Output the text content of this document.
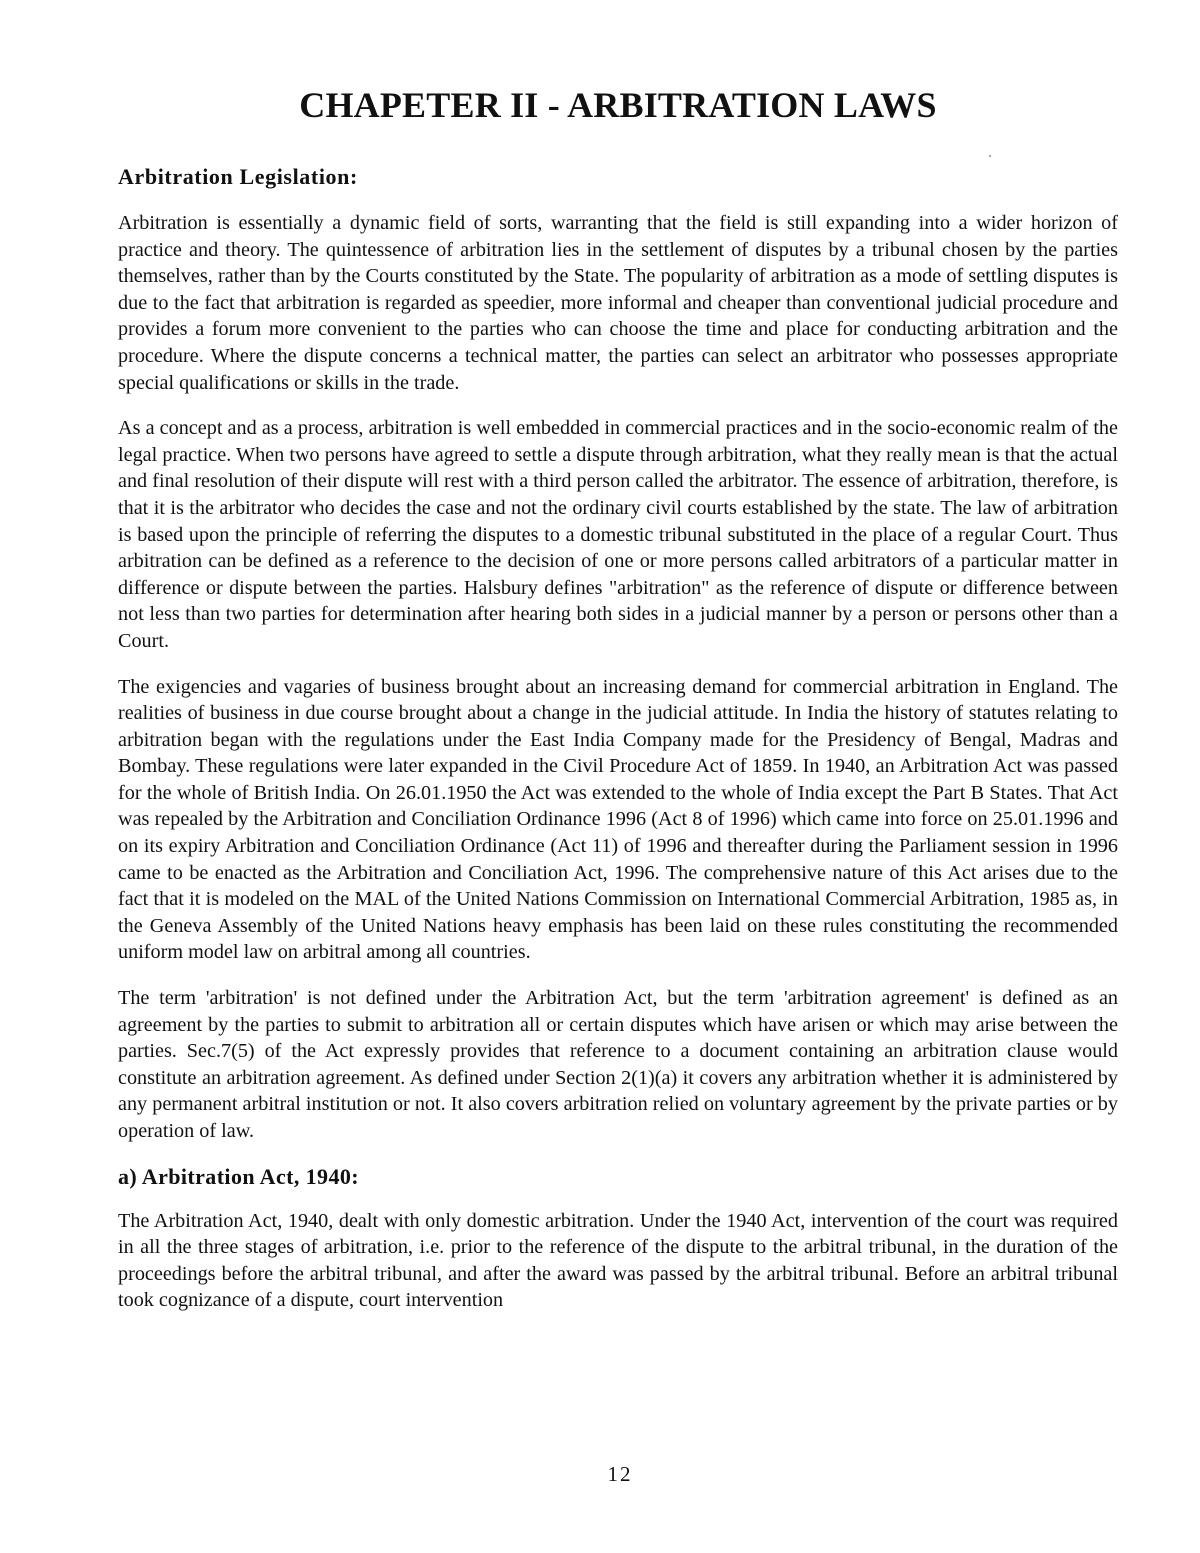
CHAPETER II - ARBITRATION LAWS
Arbitration Legislation:

Arbitration is essentially a dynamic field of sorts, warranting that the field is still expanding into a wider horizon of practice and theory. The quintessence of arbitration lies in the settlement of disputes by a tribunal chosen by the parties themselves, rather than by the Courts constituted by the State. The popularity of arbitration as a mode of settling disputes is due to the fact that arbitration is regarded as speedier, more informal and cheaper than conventional judicial procedure and provides a forum more convenient to the parties who can choose the time and place for conducting arbitration and the procedure. Where the dispute concerns a technical matter, the parties can select an arbitrator who possesses appropriate special qualifications or skills in the trade.

As a concept and as a process, arbitration is well embedded in commercial practices and in the socio-economic realm of the legal practice. When two persons have agreed to settle a dispute through arbitration, what they really mean is that the actual and final resolution of their dispute will rest with a third person called the arbitrator. The essence of arbitration, therefore, is that it is the arbitrator who decides the case and not the ordinary civil courts established by the state. The law of arbitration is based upon the principle of referring the disputes to a domestic tribunal substituted in the place of a regular Court. Thus arbitration can be defined as a reference to the decision of one or more persons called arbitrators of a particular matter in difference or dispute between the parties. Halsbury defines "arbitration" as the reference of dispute or difference between not less than two parties for determination after hearing both sides in a judicial manner by a person or persons other than a Court.

The exigencies and vagaries of business brought about an increasing demand for commercial arbitration in England. The realities of business in due course brought about a change in the judicial attitude. In India the history of statutes relating to arbitration began with the regulations under the East India Company made for the Presidency of Bengal, Madras and Bombay. These regulations were later expanded in the Civil Procedure Act of 1859. In 1940, an Arbitration Act was passed for the whole of British India. On 26.01.1950 the Act was extended to the whole of India except the Part B States. That Act was repealed by the Arbitration and Conciliation Ordinance 1996 (Act 8 of 1996) which came into force on 25.01.1996 and on its expiry Arbitration and Conciliation Ordinance (Act 11) of 1996 and thereafter during the Parliament session in 1996 came to be enacted as the Arbitration and Conciliation Act, 1996. The comprehensive nature of this Act arises due to the fact that it is modeled on the MAL of the United Nations Commission on International Commercial Arbitration, 1985 as, in the Geneva Assembly of the United Nations heavy emphasis has been laid on these rules constituting the recommended uniform model law on arbitral among all countries.

The term 'arbitration' is not defined under the Arbitration Act, but the term 'arbitration agreement' is defined as an agreement by the parties to submit to arbitration all or certain disputes which have arisen or which may arise between the parties. Sec.7(5) of the Act expressly provides that reference to a document containing an arbitration clause would constitute an arbitration agreement. As defined under Section 2(1)(a) it covers any arbitration whether it is administered by any permanent arbitral institution or not. It also covers arbitration relied on voluntary agreement by the private parties or by operation of law.

a) Arbitration Act, 1940:

The Arbitration Act, 1940, dealt with only domestic arbitration. Under the 1940 Act, intervention of the court was required in all the three stages of arbitration, i.e. prior to the reference of the dispute to the arbitral tribunal, in the duration of the proceedings before the arbitral tribunal, and after the award was passed by the arbitral tribunal. Before an arbitral tribunal took cognizance of a dispute, court intervention

12
